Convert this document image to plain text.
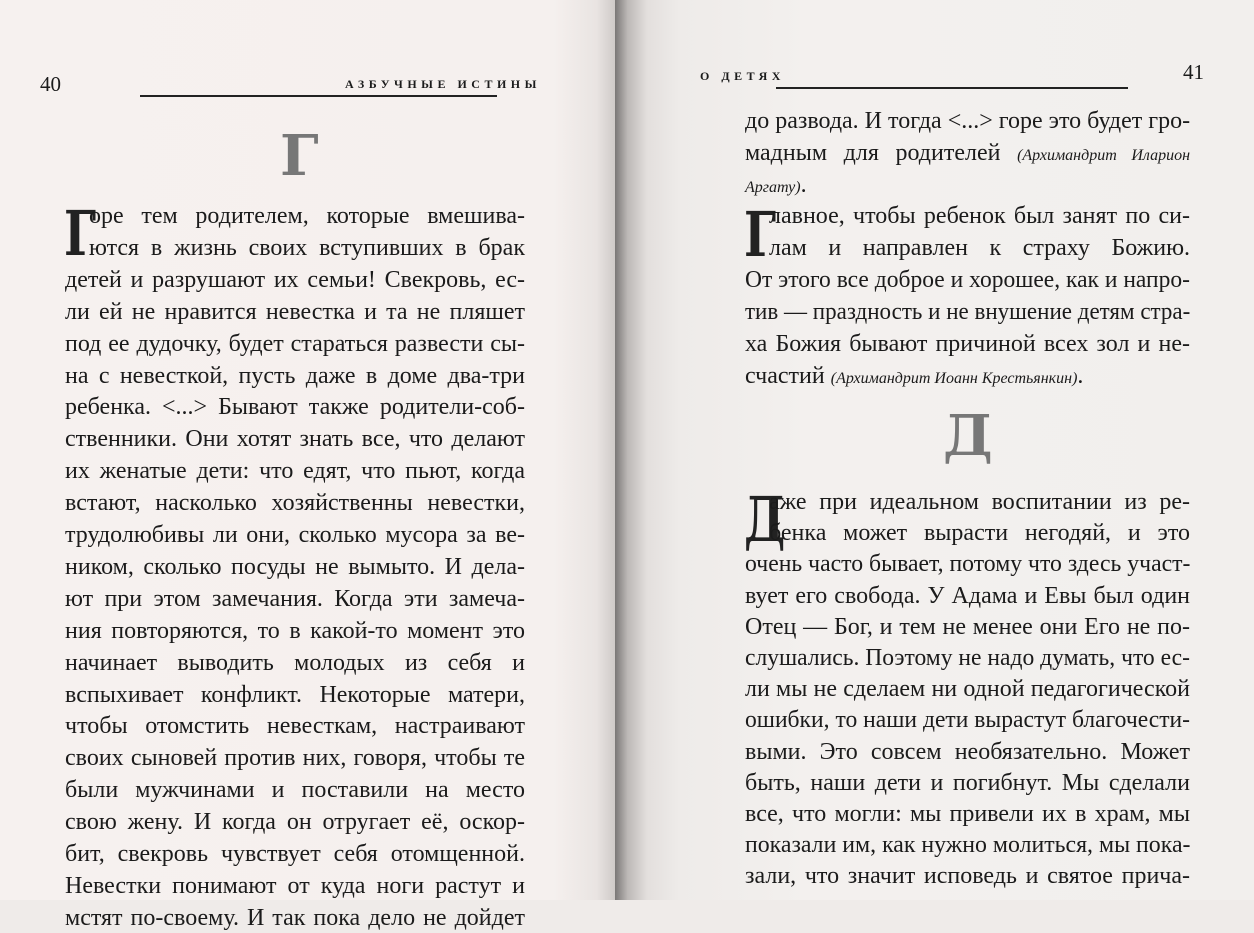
40	АЗБУЧНЫЕ ИСТИНЫ
Г
Г
оре тем родителем, которые вмешива-
ются в жизнь своих вступивших в брак
детей и разрушают их семьи! Свекровь, ес-
ли ей не нравится невестка и та не пляшет
под ее дудочку, будет стараться развести сы-
на с невесткой, пусть даже в доме два-три
ребенка. <...> Бывают также родители-соб-
ственники. Они хотят знать все, что делают
их женатые дети: что едят, что пьют, когда
встают, насколько хозяйственны невестки,
трудолюбивы ли они, сколько мусора за ве-
ником, сколько посуды не вымыто. И дела-
ют при этом замечания. Когда эти замеча-
ния повторяются, то в какой-то момент это
начинает выводить молодых из себя и
вспыхивает конфликт. Некоторые матери,
чтобы отомстить невесткам, настраивают
своих сыновей против них, говоря, чтобы те
были мужчинами и поставили на место
свою жену. И когда он отругает её, оскор-
бит, свекровь чувствует себя отомщенной.
Невестки понимают от куда ноги растут и
мстят по-своему. И так пока дело не дойдет
О ДЕТЯХ	41
до развода. И тогда <...> горе это будет гро-
мадным для родителей (Архимандрит Иларион
Аргату).
Г
лавное, чтобы ребенок был занят по си-
лам и направлен к страху Божию.
От этого все доброе и хорошее, как и напро-
тив — праздность и не внушение детям стра-
ха Божия бывают причиной всех зол и не-
счастий (Архимандрит Иоанн Крестьянкин).
Д
Д
аже при идеальном воспитании из ре-
бенка может вырасти негодяй, и это
очень часто бывает, потому что здесь участ-
вует его свобода. У Адама и Евы был один
Отец — Бог, и тем не менее они Его не по-
слушались. Поэтому не надо думать, что ес-
ли мы не сделаем ни одной педагогической
ошибки, то наши дети вырастут благочести-
выми. Это совсем необязательно. Может
быть, наши дети и погибнут. Мы сделали
все, что могли: мы привели их в храм, мы
показали им, как нужно молиться, мы пока-
зали, что значит исповедь и святое прича-
